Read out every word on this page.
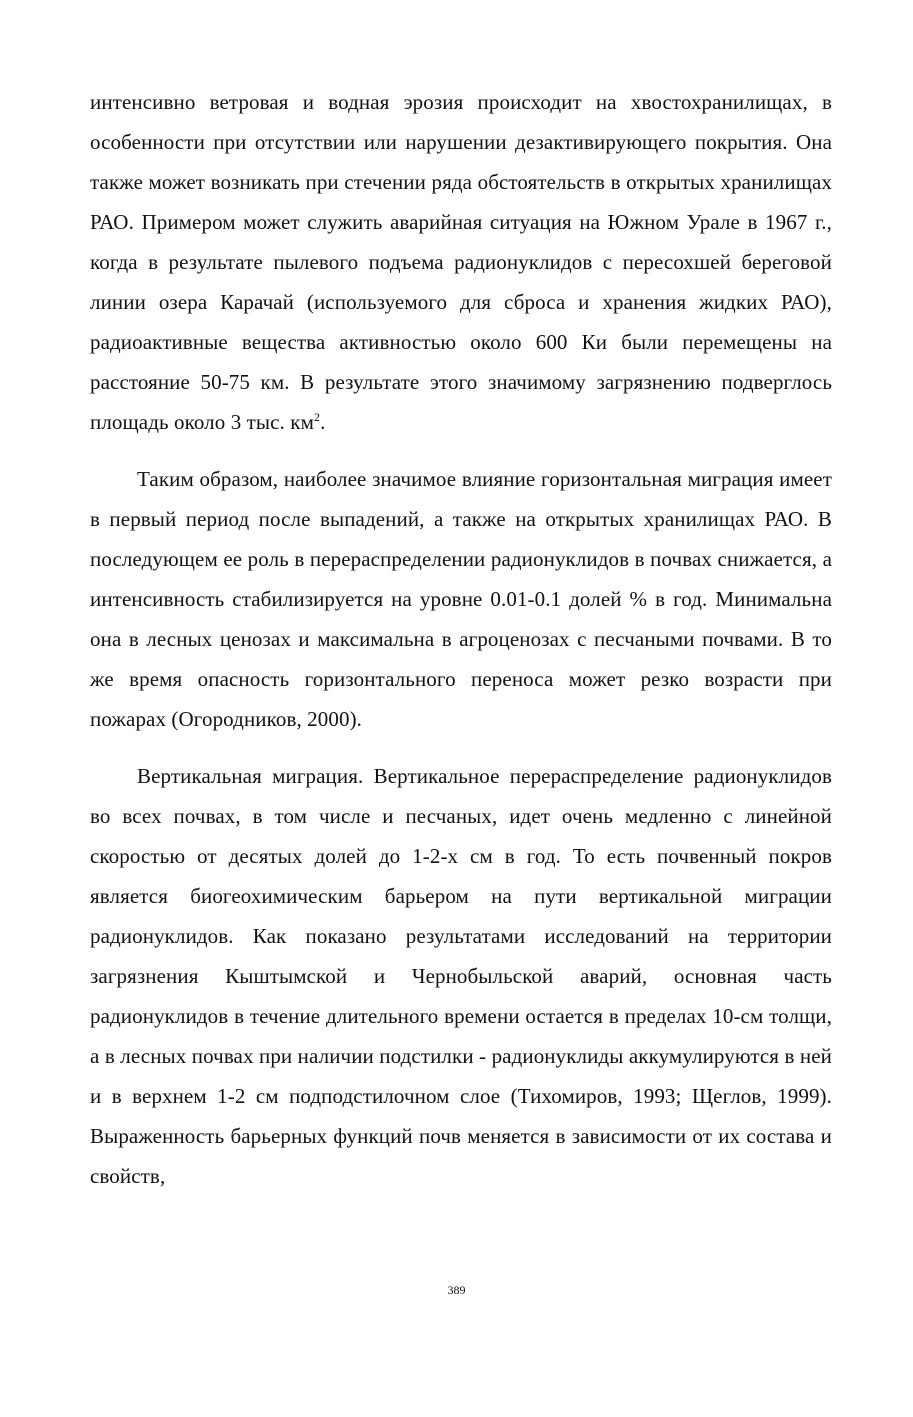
интенсивно ветровая и водная эрозия происходит на хвостохранилищах, в особенности при отсутствии или нарушении дезактивирующего покрытия. Она также может возникать при стечении ряда обстоятельств в открытых хранилищах РАО. Примером может служить аварийная ситуация на Южном Урале в 1967 г., когда в результате пылевого подъема радионуклидов с пересохшей береговой линии озера Карачай (используемого для сброса и хранения жидких РАО), радиоактивные вещества активностью около 600 Ки были перемещены на расстояние 50-75 км. В результате этого значимому загрязнению подверглось площадь около 3 тыс. $км^2$.

Таким образом, наиболее значимое влияние горизонтальная миграция имеет в первый период после выпадений, а также на открытых хранилищах РАО. В последующем ее роль в перераспределении радионуклидов в почвах снижается, а интенсивность стабилизируется на уровне 0.01-0.1 долей % в год. Минимальна она в лесных ценозах и максимальна в агроценозах с песчаными почвами. В то же время опасность горизонтального переноса может резко возрасти при пожарах (Огородников, 2000).

Вертикальная миграция. Вертикальное перераспределение радионуклидов во всех почвах, в том числе и песчаных, идет очень медленно с линейной скоростью от десятых долей до 1-2-х см в год. То есть почвенный покров является биогеохимическим барьером на пути вертикальной миграции радионуклидов. Как показано результатами исследований на территории загрязнения Кыштымской и Чернобыльской аварий, основная часть радионуклидов в течение длительного времени остается в пределах 10-см толщи, а в лесных почвах при наличии подстилки - радионуклиды аккумулируются в ней и в верхнем 1-2 см подподстилочном слое (Тихомиров, 1993; Щеглов, 1999). Выраженность барьерных функций почв меняется в зависимости от их состава и свойств,

389
